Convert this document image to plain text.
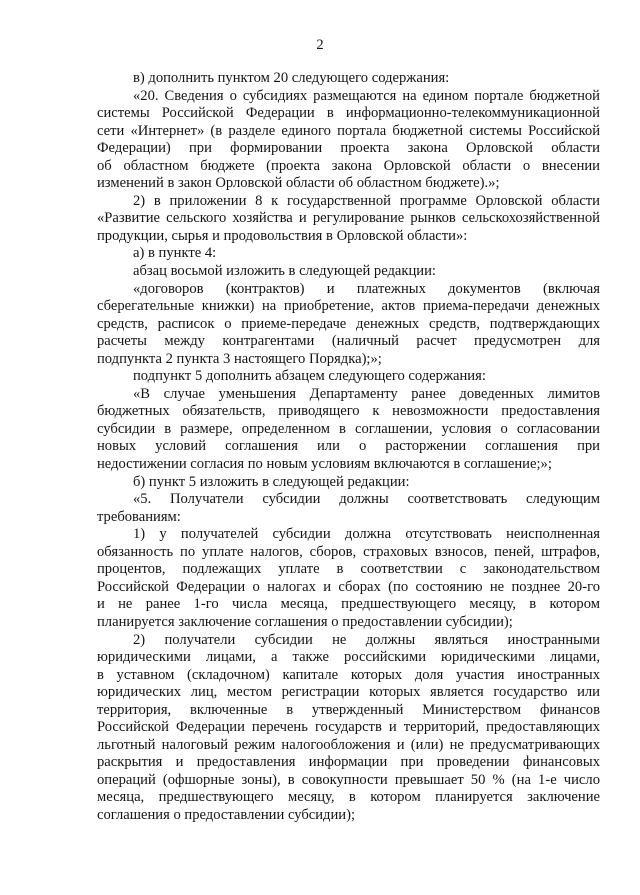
2
в) дополнить пунктом 20 следующего содержания:
«20. Сведения о субсидиях размещаются на едином портале бюджетной
системы Российской Федерации в информационно-телекоммуникационной
сети «Интернет» (в разделе единого портала бюджетной системы Российской
Федерации) при формировании проекта закона Орловской области
об областном бюджете (проекта закона Орловской области о внесении
изменений в закон Орловской области об областном бюджете).»;
2) в приложении 8 к государственной программе Орловской области
«Развитие сельского хозяйства и регулирование рынков сельскохозяйственной
продукции, сырья и продовольствия в Орловской области»:
а) в пункте 4:
абзац восьмой изложить в следующей редакции:
«договоров (контрактов) и платежных документов (включая
сберегательные книжки) на приобретение, актов приема-передачи денежных
средств, расписок о приеме-передаче денежных средств, подтверждающих
расчеты между контрагентами (наличный расчет предусмотрен для
подпункта 2 пункта 3 настоящего Порядка);»;
подпункт 5 дополнить абзацем следующего содержания:
«В случае уменьшения Департаменту ранее доведенных лимитов
бюджетных обязательств, приводящего к невозможности предоставления
субсидии в размере, определенном в соглашении, условия о согласовании
новых условий соглашения или о расторжении соглашения при
недостижении согласия по новым условиям включаются в соглашение;»;
б) пункт 5 изложить в следующей редакции:
«5. Получатели субсидии должны соответствовать следующим
требованиям:
1) у получателей субсидии должна отсутствовать неисполненная
обязанность по уплате налогов, сборов, страховых взносов, пеней, штрафов,
процентов, подлежащих уплате в соответствии с законодательством
Российской Федерации о налогах и сборах (по состоянию не позднее 20-го
и не ранее 1-го числа месяца, предшествующего месяцу, в котором
планируется заключение соглашения о предоставлении субсидии);
2) получатели субсидии не должны являться иностранными
юридическими лицами, а также российскими юридическими лицами,
в уставном (складочном) капитале которых доля участия иностранных
юридических лиц, местом регистрации которых является государство или
территория, включенные в утвержденный Министерством финансов
Российской Федерации перечень государств и территорий, предоставляющих
льготный налоговый режим налогообложения и (или) не предусматривающих
раскрытия и предоставления информации при проведении финансовых
операций (офшорные зоны), в совокупности превышает 50 % (на 1-е число
месяца, предшествующего месяцу, в котором планируется заключение
соглашения о предоставлении субсидии);
